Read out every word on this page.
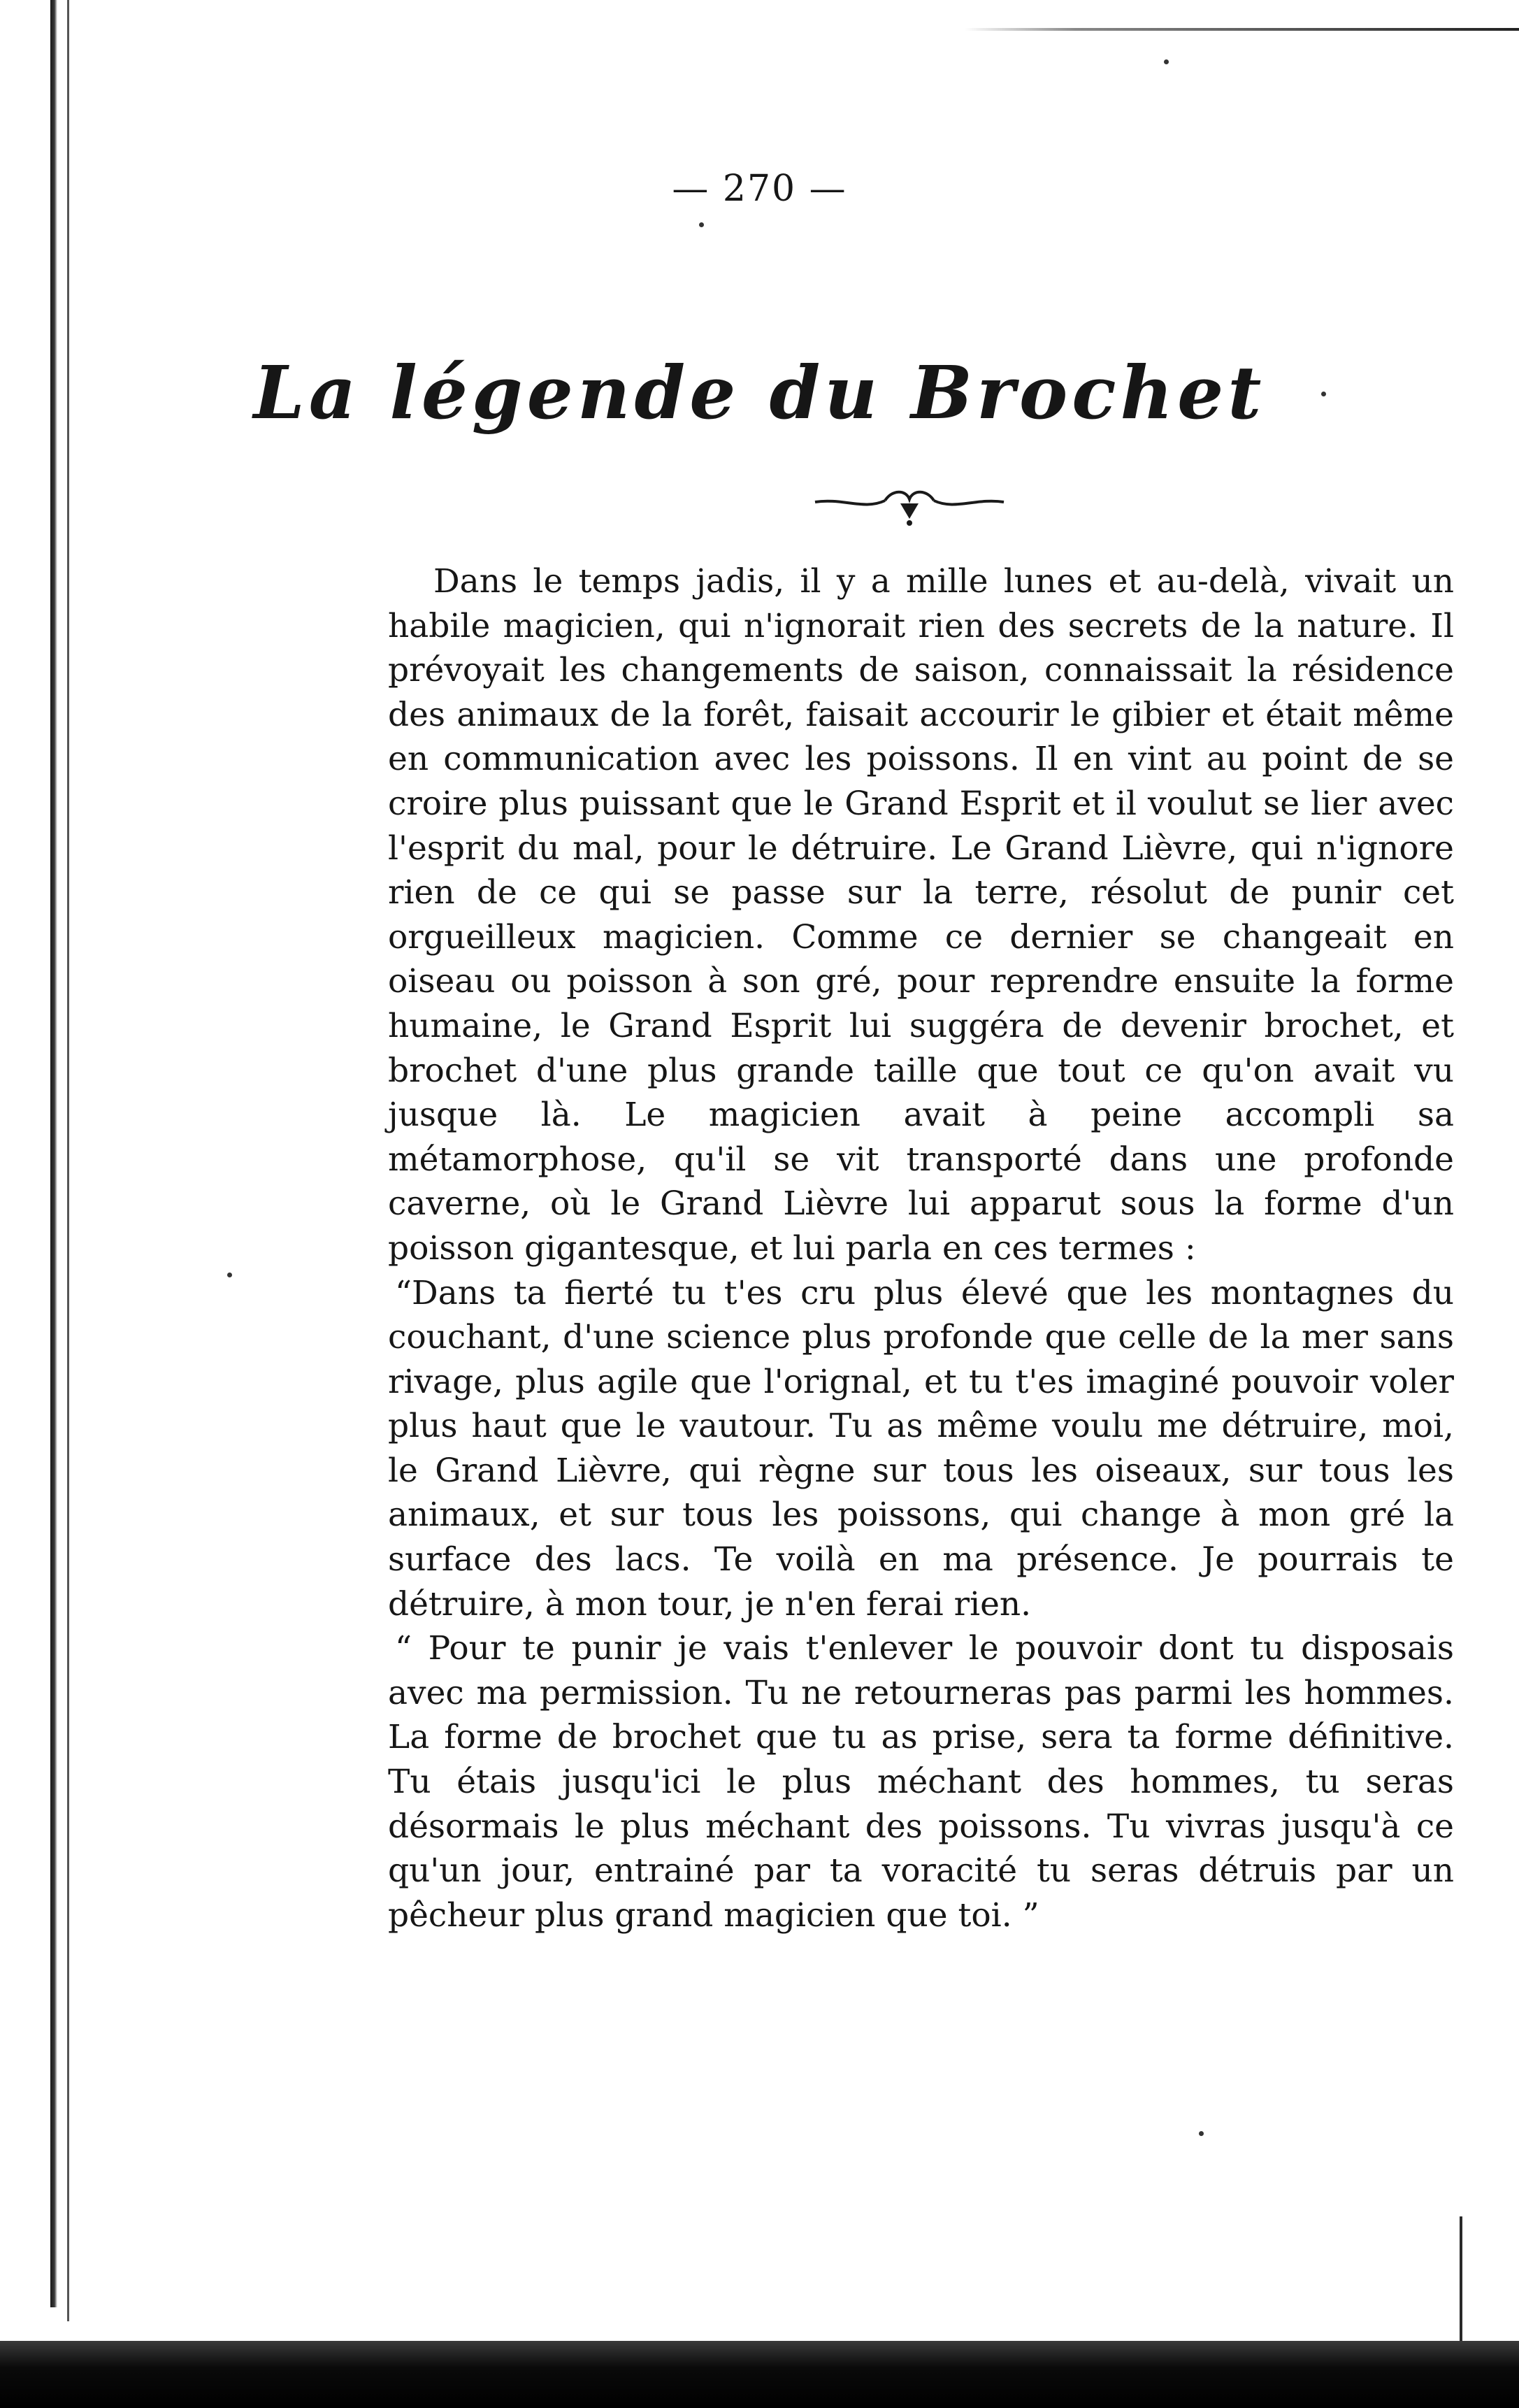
— 270 —
La légende du Brochet

Dans le temps jadis, il y a mille lunes et au-delà, vivait un habile magicien, qui n'ignorait rien des secrets de la nature. Il prévoyait les changements de saison, connaissait la résidence des animaux de la forêt, faisait accourir le gibier et était même en communication avec les poissons. Il en vint au point de se croire plus puissant que le Grand Esprit et il voulut se lier avec l'esprit du mal, pour le détruire. Le Grand Lièvre, qui n'ignore rien de ce qui se passe sur la terre, résolut de punir cet orgueilleux magicien. Comme ce dernier se changeait en oiseau ou poisson à son gré, pour reprendre ensuite la forme humaine, le Grand Esprit lui suggéra de devenir brochet, et brochet d'une plus grande taille que tout ce qu'on avait vu jusque là. Le magicien avait à peine accompli sa métamorphose, qu'il se vit transporté dans une profonde caverne, où le Grand Lièvre lui apparut sous la forme d'un poisson gigantesque, et lui parla en ces termes :

“Dans ta fierté tu t'es cru plus élevé que les montagnes du couchant, d'une science plus profonde que celle de la mer sans rivage, plus agile que l'orignal, et tu t'es imaginé pouvoir voler plus haut que le vautour. Tu as même voulu me détruire, moi, le Grand Lièvre, qui règne sur tous les oiseaux, sur tous les animaux, et sur tous les poissons, qui change à mon gré la surface des lacs. Te voilà en ma présence. Je pourrais te détruire, à mon tour, je n'en ferai rien.

“ Pour te punir je vais t'enlever le pouvoir dont tu disposais avec ma permission. Tu ne retourneras pas parmi les hommes. La forme de brochet que tu as prise, sera ta forme définitive. Tu étais jusqu'ici le plus méchant des hommes, tu seras désormais le plus méchant des poissons. Tu vivras jusqu'à ce qu'un jour, entrainé par ta voracité tu seras détruis par un pêcheur plus grand magicien que toi. ”
